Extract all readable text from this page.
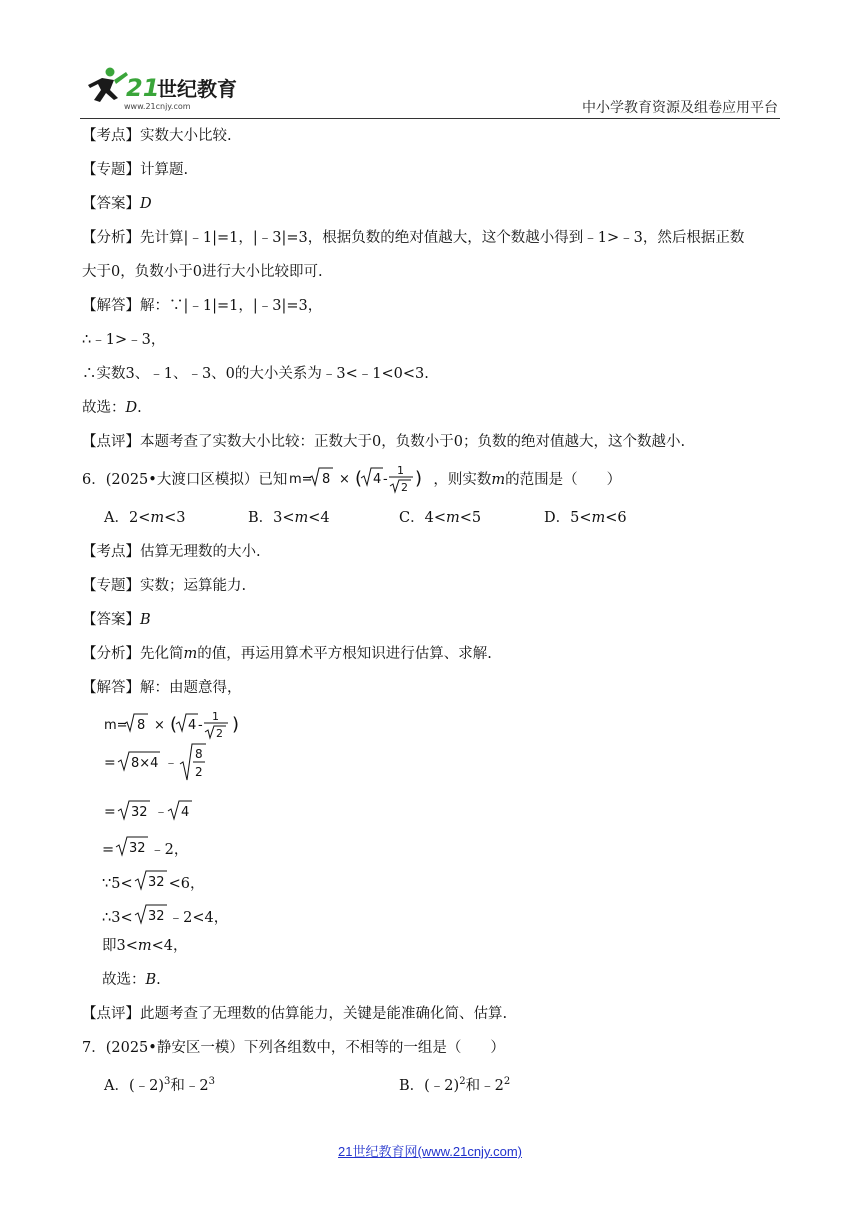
21
世纪教育
www.21cnjy.com	中小学教育资源及组卷应用平台
【考点】实数大小比较.
【专题】计算题.
【答案】D
【分析】先计算|﹣1|=1，|﹣3|=3，根据负数的绝对值越大，这个数越小得到﹣1>﹣3，然后根据正数
大于0，负数小于0进行大小比较即可.
【解答】解：∵|﹣1|=1，|﹣3|=3，
∴﹣1>﹣3，
∴实数3、﹣1、﹣3、0的大小关系为﹣3<﹣1<0<3.
故选：D.
【点评】本题考查了实数大小比较：正数大于0，负数小于0；负数的绝对值越大，这个数越小.
6．(2025•大渡口区模拟）已知 m= 8 × ( 4 -
1
2 ) ，则实数m的范围是（　　）
A．2<m<3	B．3<m<4	C．4<m<5	D．5<m<6
【考点】估算无理数的大小.
【专题】实数；运算能力.
【答案】B
【分析】先化简m的值，再运用算术平方根知识进行估算、求解.
【解答】解：由题意得，
m= 8 × ( 4 -
1
2 )
= 8×4 ﹣
8
2
= 32 ﹣ 4
= 32 ﹣2，
∵5< 32 <6，
∴3< 32 ﹣2<4，
即3<m<4，
故选：B.
【点评】此题考查了无理数的估算能力，关键是能准确化简、估算.
7．(2025•静安区一模）下列各组数中，不相等的一组是（　　）
A．(﹣2)$^3$和$﹣2^3$	B．(﹣2)$^2$和$﹣2^2$
21世纪教育网(www.21cnjy.com)
